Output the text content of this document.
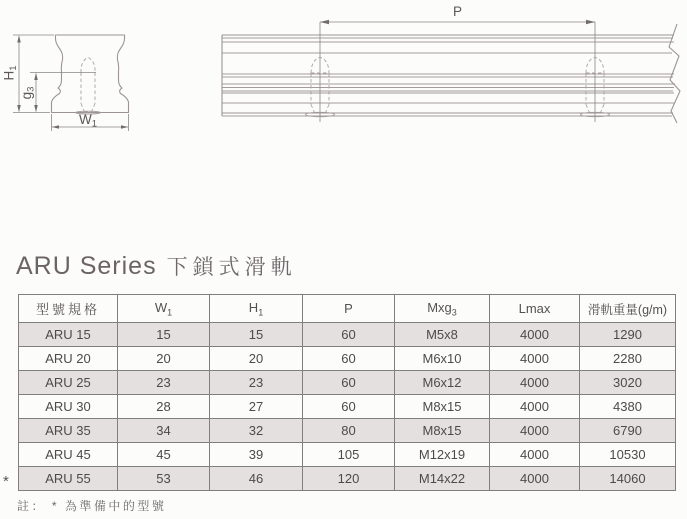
H1
g3
W1
P
ARU Series 下鎖式滑軌
型號規格	$W_1$	$H_1$	P	Mxg$_3$	Lmax	滑軌重量(g/m)
ARU 15	15	15	60	M5x8	4000	1290
ARU 20	20	20	60	M6x10	4000	2280
ARU 25	23	23	60	M6x12	4000	3020
ARU 30	28	27	60	M8x15	4000	4380
ARU 35	34	32	80	M8x15	4000	6790
ARU 45	45	39	105	M12x19	4000	10530
ARU 55	53	46	120	M14x22	4000	14060
*
註： * 為準備中的型號
